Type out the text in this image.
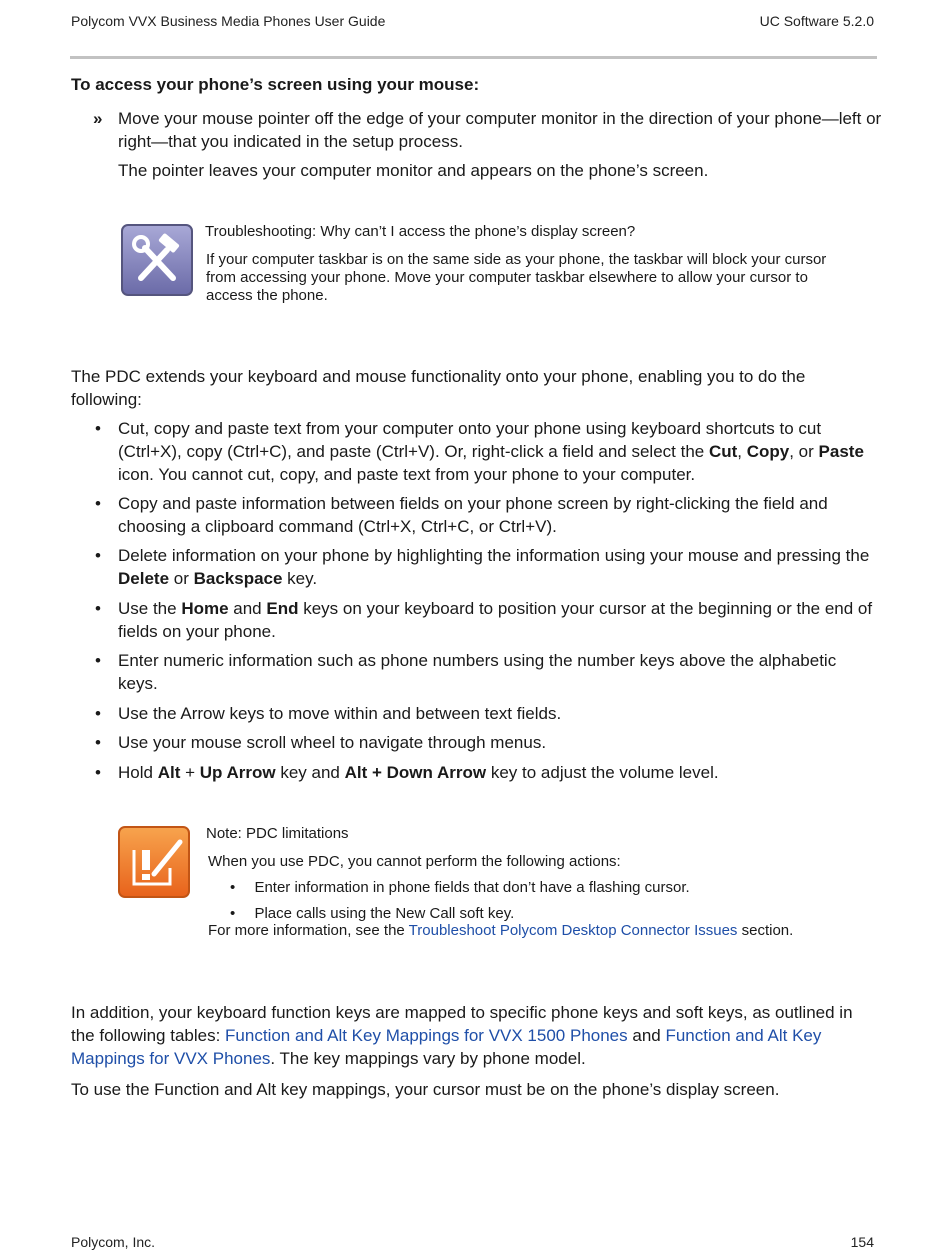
Polycom VVX Business Media Phones User Guide	UC Software 5.2.0
To access your phone’s screen using your mouse:
» Move your mouse pointer off the edge of your computer monitor in the direction of your phone—left or right—that you indicated in the setup process.
The pointer leaves your computer monitor and appears on the phone’s screen.
Troubleshooting: Why can’t I access the phone’s display screen?
If your computer taskbar is on the same side as your phone, the taskbar will block your cursor from accessing your phone. Move your computer taskbar elsewhere to allow your cursor to access the phone.
The PDC extends your keyboard and mouse functionality onto your phone, enabling you to do the following:
• Cut, copy and paste text from your computer onto your phone using keyboard shortcuts to cut (Ctrl+X), copy (Ctrl+C), and paste (Ctrl+V). Or, right-click a field and select the Cut, Copy, or Paste icon. You cannot cut, copy, and paste text from your phone to your computer.
• Copy and paste information between fields on your phone screen by right-clicking the field and choosing a clipboard command (Ctrl+X, Ctrl+C, or Ctrl+V).
• Delete information on your phone by highlighting the information using your mouse and pressing the Delete or Backspace key.
• Use the Home and End keys on your keyboard to position your cursor at the beginning or the end of fields on your phone.
• Enter numeric information such as phone numbers using the number keys above the alphabetic keys.
• Use the Arrow keys to move within and between text fields.
• Use your mouse scroll wheel to navigate through menus.
• Hold Alt + Up Arrow key and Alt + Down Arrow key to adjust the volume level.
Note: PDC limitations
When you use PDC, you cannot perform the following actions:
• Enter information in phone fields that don’t have a flashing cursor.
• Place calls using the New Call soft key.
For more information, see the Troubleshoot Polycom Desktop Connector Issues section.
In addition, your keyboard function keys are mapped to specific phone keys and soft keys, as outlined in the following tables: Function and Alt Key Mappings for VVX 1500 Phones and Function and Alt Key Mappings for VVX Phones. The key mappings vary by phone model.
To use the Function and Alt key mappings, your cursor must be on the phone’s display screen.
Polycom, Inc.	154
